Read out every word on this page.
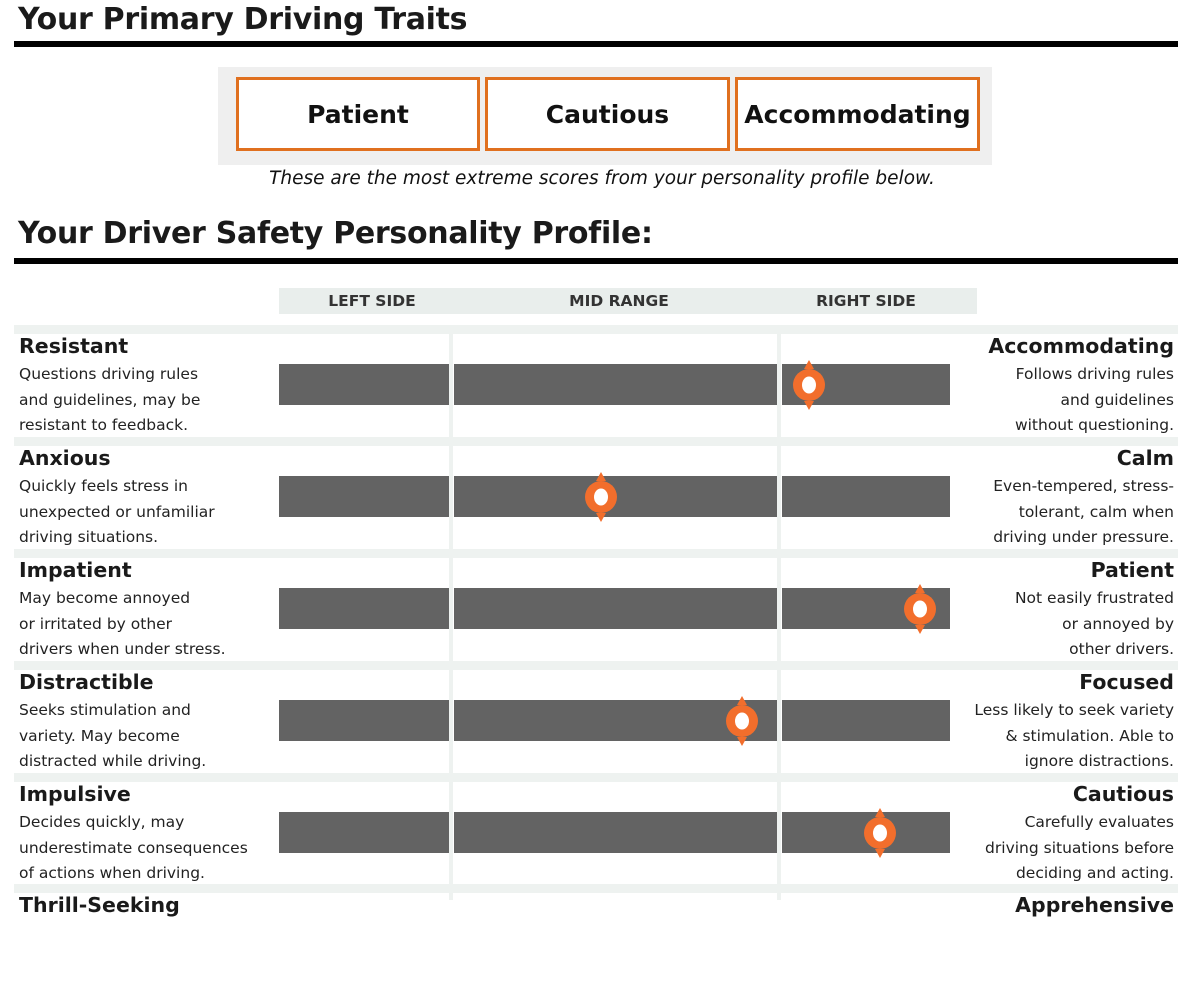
Your Primary Driving Traits
Patient	Cautious	Accommodating
These are the most extreme scores from your personality profile below.
Your Driver Safety Personality Profile:
LEFT SIDE	MID RANGE	RIGHT SIDE
Resistant	Accommodating
Questions driving rules
and guidelines, may be
resistant to feedback.
Follows driving rules
and guidelines
without questioning.
Anxious	Calm
Quickly feels stress in
unexpected or unfamiliar
driving situations.
Even-tempered, stress-
tolerant, calm when
driving under pressure.
Impatient	Patient
May become annoyed
or irritated by other
drivers when under stress.
Not easily frustrated
or annoyed by
other drivers.
Distractible	Focused
Seeks stimulation and
variety. May become
distracted while driving.
Less likely to seek variety
& stimulation. Able to
ignore distractions.
Impulsive	Cautious
Decides quickly, may
underestimate consequences
of actions when driving.
Carefully evaluates
driving situations before
deciding and acting.
Thrill-Seeking	Apprehensive
